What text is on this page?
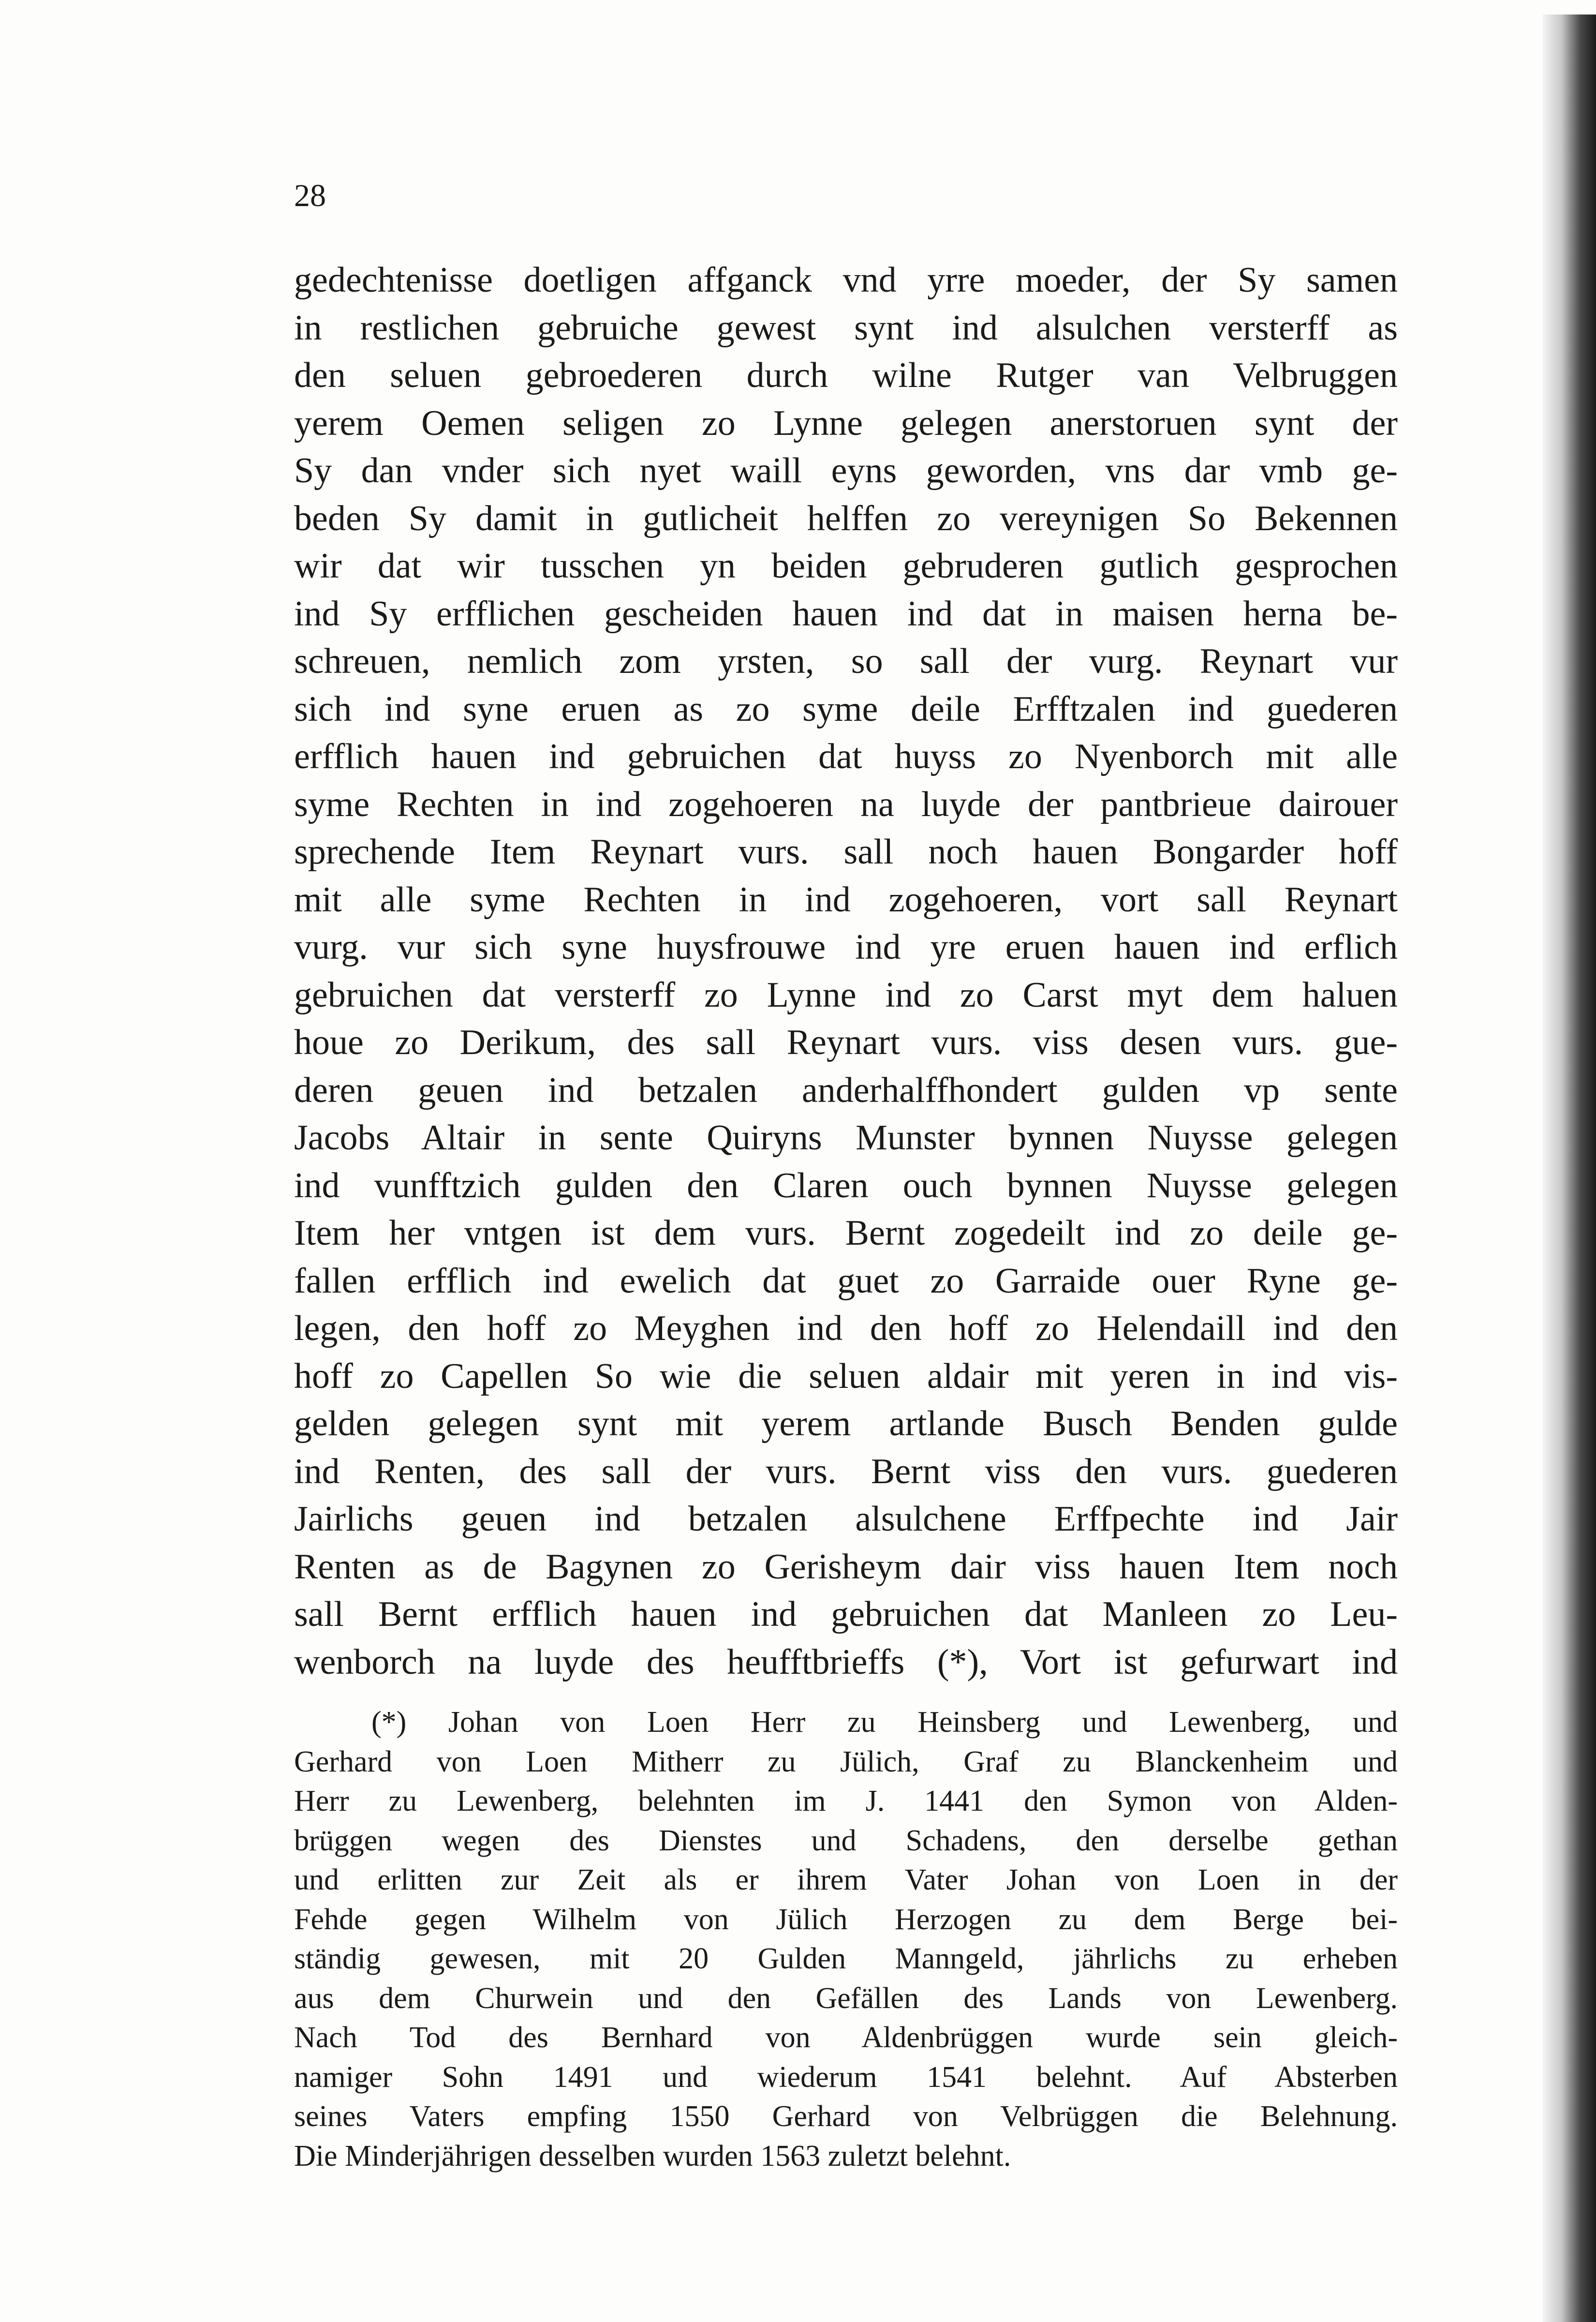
28
gedechtenisse doetligen affganck vnd yrre moeder, der Sy samen
in restlichen gebruiche gewest synt ind alsulchen versterff as
den seluen gebroederen durch wilne Rutger van Velbruggen
yerem Oemen seligen zo Lynne gelegen anerstoruen synt der
Sy dan vnder sich nyet waill eyns geworden, vns dar vmb ge-
beden Sy damit in gutlicheit helffen zo vereynigen So Bekennen
wir dat wir tusschen yn beiden gebruderen gutlich gesprochen
ind Sy erfflichen gescheiden hauen ind dat in maisen herna be-
schreuen, nemlich zom yrsten, so sall der vurg. Reynart vur
sich ind syne eruen as zo syme deile Erfftzalen ind guederen
erfflich hauen ind gebruichen dat huyss zo Nyenborch mit alle
syme Rechten in ind zogehoeren na luyde der pantbrieue dairouer
sprechende Item Reynart vurs. sall noch hauen Bongarder hoff
mit alle syme Rechten in ind zogehoeren, vort sall Reynart
vurg. vur sich syne huysfrouwe ind yre eruen hauen ind erflich
gebruichen dat versterff zo Lynne ind zo Carst myt dem haluen
houe zo Derikum, des sall Reynart vurs. viss desen vurs. gue-
deren geuen ind betzalen anderhalffhondert gulden vp sente
Jacobs Altair in sente Quiryns Munster bynnen Nuysse gelegen
ind vunfftzich gulden den Claren ouch bynnen Nuysse gelegen
Item her vntgen ist dem vurs. Bernt zogedeilt ind zo deile ge-
fallen erfflich ind ewelich dat guet zo Garraide ouer Ryne ge-
legen, den hoff zo Meyghen ind den hoff zo Helendaill ind den
hoff zo Capellen So wie die seluen aldair mit yeren in ind vis-
gelden gelegen synt mit yerem artlande Busch Benden gulde
ind Renten, des sall der vurs. Bernt viss den vurs. guederen
Jairlichs geuen ind betzalen alsulchene Erffpechte ind Jair
Renten as de Bagynen zo Gerisheym dair viss hauen Item noch
sall Bernt erfflich hauen ind gebruichen dat Manleen zo Leu-
wenborch na luyde des heufftbrieffs (*), Vort ist gefurwart ind
(*) Johan von Loen Herr zu Heinsberg und Lewenberg, und
Gerhard von Loen Mitherr zu Jülich, Graf zu Blanckenheim und
Herr zu Lewenberg, belehnten im J. 1441 den Symon von Alden-
brüggen wegen des Dienstes und Schadens, den derselbe gethan
und erlitten zur Zeit als er ihrem Vater Johan von Loen in der
Fehde gegen Wilhelm von Jülich Herzogen zu dem Berge bei-
ständig gewesen, mit 20 Gulden Manngeld, jährlichs zu erheben
aus dem Churwein und den Gefällen des Lands von Lewenberg.
Nach Tod des Bernhard von Aldenbrüggen wurde sein gleich-
namiger Sohn 1491 und wiederum 1541 belehnt. Auf Absterben
seines Vaters empfing 1550 Gerhard von Velbrüggen die Belehnung.
Die Minderjährigen desselben wurden 1563 zuletzt belehnt.
